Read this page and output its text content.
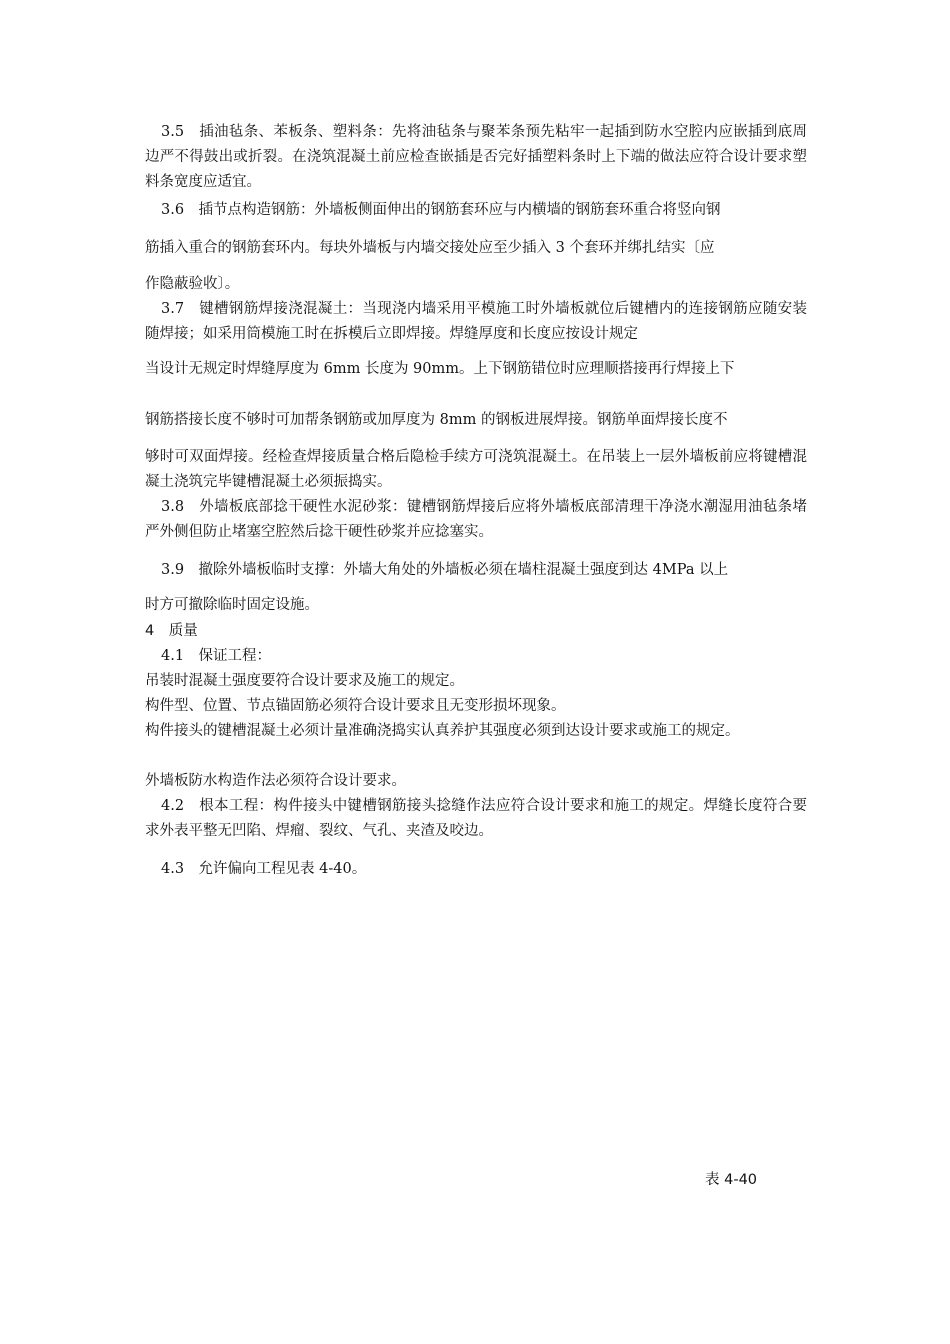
3.5　插油毡条、苯板条、塑料条：先将油毡条与聚苯条预先粘牢一起插到防水空腔内应嵌插到底周边严不得鼓出或折裂。在浇筑混凝土前应检查嵌插是否完好插塑料条时上下端的做法应符合设计要求塑料条宽度应适宜。

3.6　插节点构造钢筋：外墙板侧面伸出的钢筋套环应与内横墙的钢筋套环重合将竖向钢

筋插入重合的钢筋套环内。每块外墙板与内墙交接处应至少插入 3 个套环并绑扎结实〔应

作隐蔽验收〕。

3.7　键槽钢筋焊接浇混凝土：当现浇内墙采用平模施工时外墙板就位后键槽内的连接钢筋应随安装随焊接；如采用筒模施工时在拆模后立即焊接。焊缝厚度和长度应按设计规定

当设计无规定时焊缝厚度为 6mm 长度为 90mm。上下钢筋错位时应理顺搭接再行焊接上下

钢筋搭接长度不够时可加帮条钢筋或加厚度为 8mm 的钢板进展焊接。钢筋单面焊接长度不

够时可双面焊接。经检查焊接质量合格后隐检手续方可浇筑混凝土。在吊装上一层外墙板前应将键槽混凝土浇筑完毕键槽混凝土必须振捣实。

3.8　外墙板底部捻干硬性水泥砂浆：键槽钢筋焊接后应将外墙板底部清理干净浇水潮湿用油毡条堵严外侧但防止堵塞空腔然后捻干硬性砂浆并应捻塞实。

3.9　撤除外墙板临时支撑：外墙大角处的外墙板必须在墙柱混凝土强度到达 4MPa 以上

时方可撤除临时固定设施。

4　质量

4.1　保证工程：

吊装时混凝土强度要符合设计要求及施工的规定。

构件型、位置、节点锚固筋必须符合设计要求且无变形损坏现象。

构件接头的键槽混凝土必须计量准确浇捣实认真养护其强度必须到达设计要求或施工的规定。

外墙板防水构造作法必须符合设计要求。

4.2　根本工程：构件接头中键槽钢筋接头捻缝作法应符合设计要求和施工的规定。焊缝长度符合要求外表平整无凹陷、焊瘤、裂纹、气孔、夹渣及咬边。

4.3　允许偏向工程见表 4-40。

表 4-40
